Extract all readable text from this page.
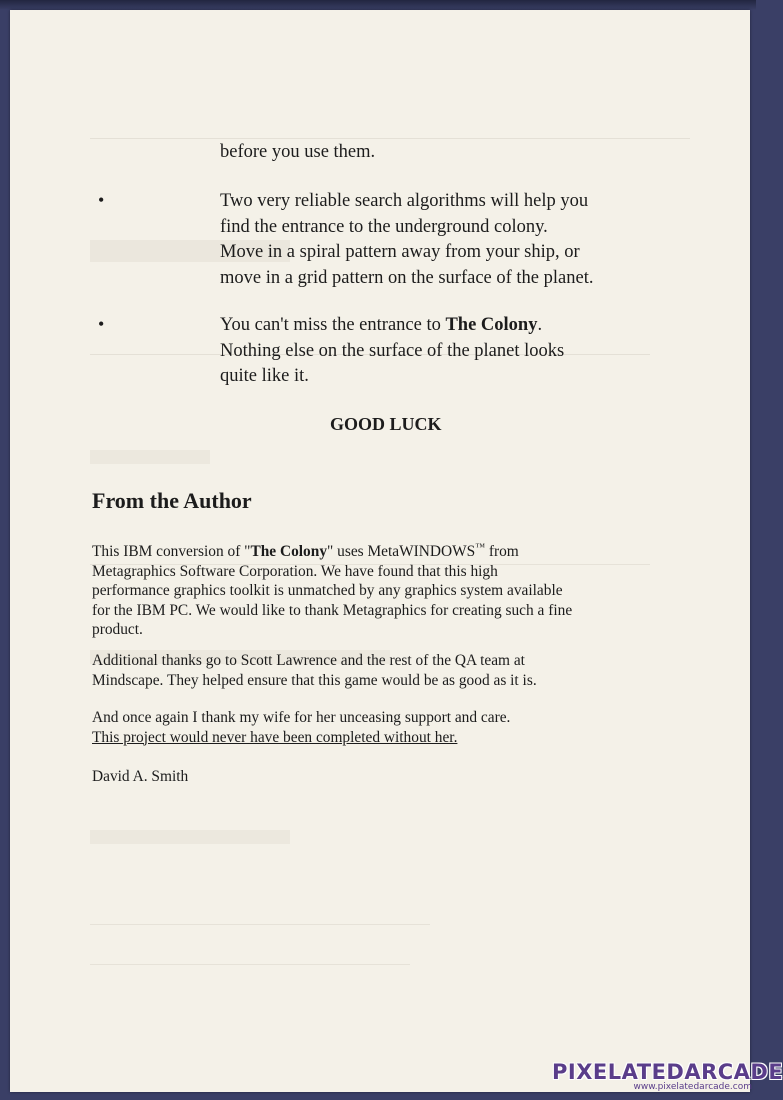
before you use them.
•	Two very reliable search algorithms will help you
find the entrance to the underground colony.
Move in a spiral pattern away from your ship, or
move in a grid pattern on the surface of the planet.
•	You can't miss the entrance to The Colony.
Nothing else on the surface of the planet looks
quite like it.
GOOD LUCK
From the Author
This IBM conversion of "The Colony" uses MetaWINDOWS™ from
Metagraphics Software Corporation. We have found that this high
performance graphics toolkit is unmatched by any graphics system available
for the IBM PC. We would like to thank Metagraphics for creating such a fine
product.
Additional thanks go to Scott Lawrence and the rest of the QA team at
Mindscape. They helped ensure that this game would be as good as it is.
And once again I thank my wife for her unceasing support and care.
This project would never have been completed without her.
David A. Smith
PIXELATEDARCADE
www.pixelatedarcade.com
